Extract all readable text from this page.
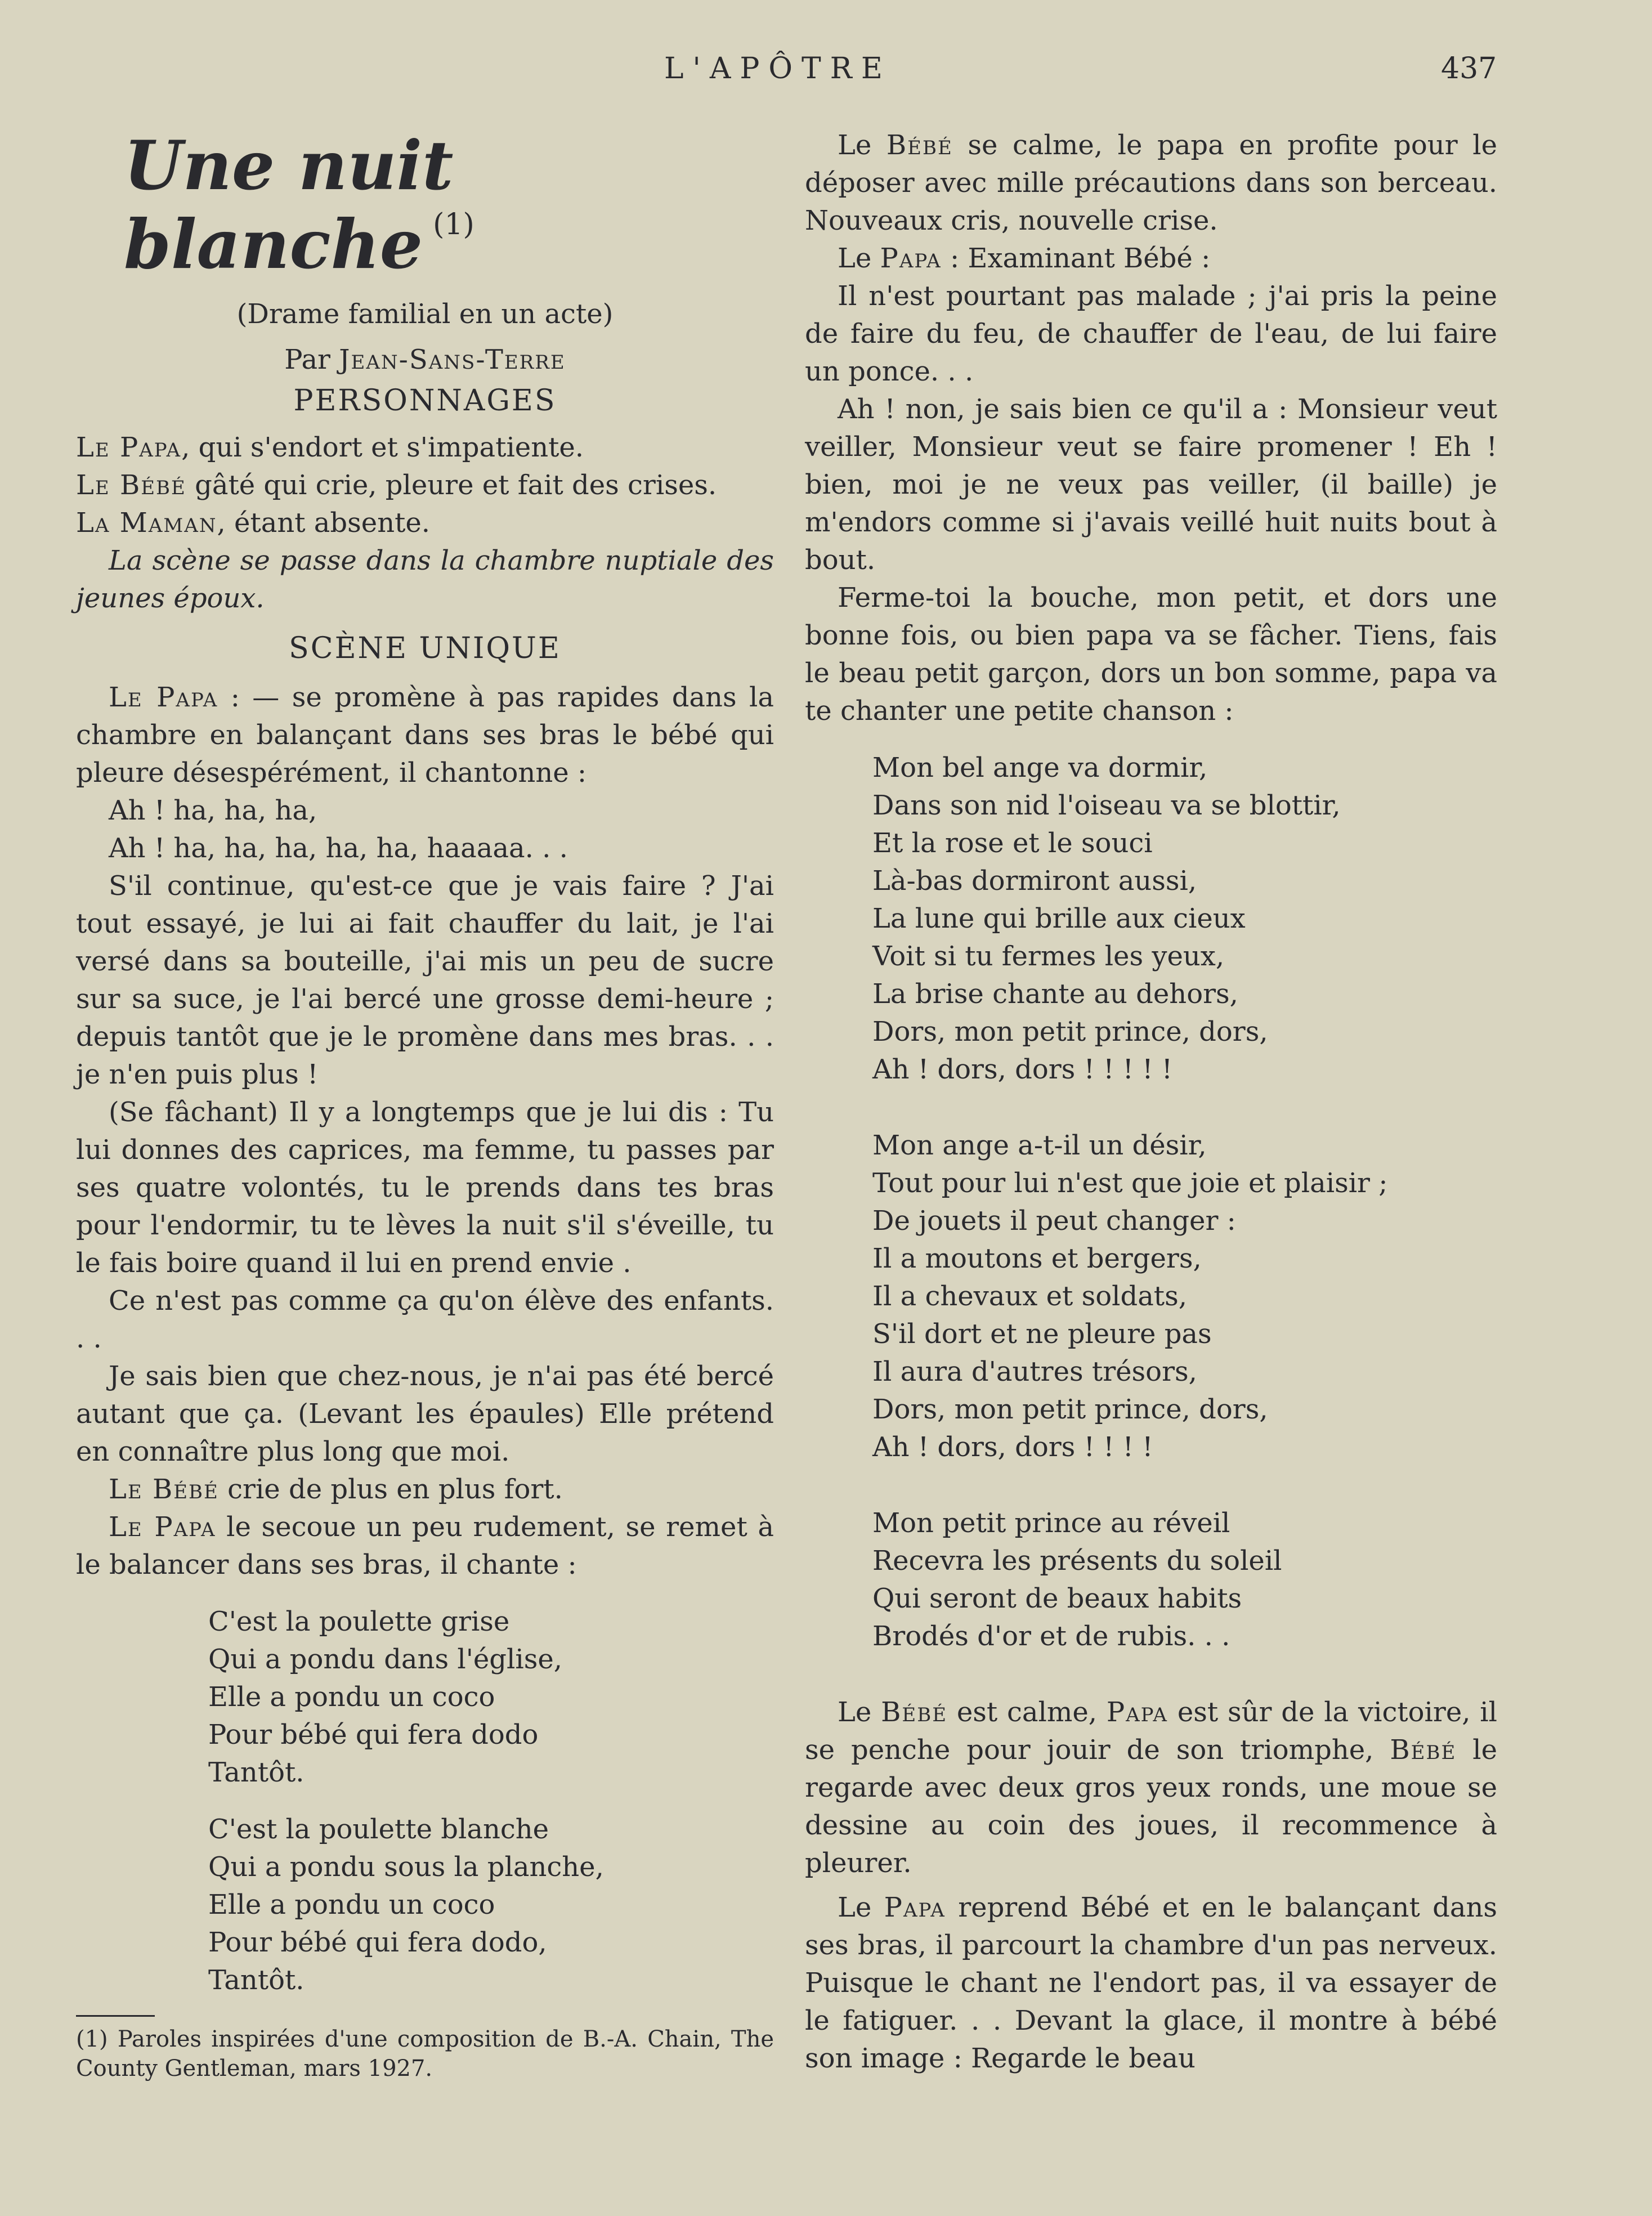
L'APÔTRE	437
Une nuit blanche (1)

(Drame familial en un acte)

Par Jean-Sans-Terre

PERSONNAGES

Le Papa, qui s'endort et s'impatiente.

Le Bébé gâté qui crie, pleure et fait des crises.

La Maman, étant absente.

La scène se passe dans la chambre nuptiale des jeunes époux.

SCÈNE UNIQUE

Le Papa : — se promène à pas rapides dans la chambre en balançant dans ses bras le bébé qui pleure désespérément, il chantonne :

Ah ! ha, ha, ha,

Ah ! ha, ha, ha, ha, ha, haaaaa. . .

S'il continue, qu'est-ce que je vais faire ? J'ai tout essayé, je lui ai fait chauffer du lait, je l'ai versé dans sa bouteille, j'ai mis un peu de sucre sur sa suce, je l'ai bercé une grosse demi-heure ; depuis tantôt que je le promène dans mes bras. . . je n'en puis plus !

(Se fâchant) Il y a longtemps que je lui dis : Tu lui donnes des caprices, ma femme, tu passes par ses quatre volontés, tu le prends dans tes bras pour l'endormir, tu te lèves la nuit s'il s'éveille, tu le fais boire quand il lui en prend envie .

Ce n'est pas comme ça qu'on élève des enfants. . .

Je sais bien que chez-nous, je n'ai pas été bercé autant que ça. (Levant les épaules) Elle prétend en connaître plus long que moi.

Le Bébé crie de plus en plus fort.

Le Papa le secoue un peu rudement, se remet à le balancer dans ses bras, il chante :

C'est la poulette grise
Qui a pondu dans l'église,
Elle a pondu un coco
Pour bébé qui fera dodo
Tantôt.
C'est la poulette blanche
Qui a pondu sous la planche,
Elle a pondu un coco
Pour bébé qui fera dodo,
Tantôt.

(1) Paroles inspirées d'une composition de B.-A. Chain, The County Gentleman, mars 1927.

Le Bébé se calme, le papa en profite pour le déposer avec mille précautions dans son berceau. Nouveaux cris, nouvelle crise.

Le Papa : Examinant Bébé :

Il n'est pourtant pas malade ; j'ai pris la peine de faire du feu, de chauffer de l'eau, de lui faire un ponce. . .

Ah ! non, je sais bien ce qu'il a : Monsieur veut veiller, Monsieur veut se faire promener ! Eh ! bien, moi je ne veux pas veiller, (il baille) je m'endors comme si j'avais veillé huit nuits bout à bout.

Ferme-toi la bouche, mon petit, et dors une bonne fois, ou bien papa va se fâcher. Tiens, fais le beau petit garçon, dors un bon somme, papa va te chanter une petite chanson :

Mon bel ange va dormir,
Dans son nid l'oiseau va se blottir,
Et la rose et le souci
Là-bas dormiront aussi,
La lune qui brille aux cieux
Voit si tu fermes les yeux,
La brise chante au dehors,
Dors, mon petit prince, dors,
Ah ! dors, dors ! ! ! ! !
Mon ange a-t-il un désir,
Tout pour lui n'est que joie et plaisir ;
De jouets il peut changer :
Il a moutons et bergers,
Il a chevaux et soldats,
S'il dort et ne pleure pas
Il aura d'autres trésors,
Dors, mon petit prince, dors,
Ah ! dors, dors ! ! ! !
Mon petit prince au réveil
Recevra les présents du soleil
Qui seront de beaux habits
Brodés d'or et de rubis. . .

Le Bébé est calme, Papa est sûr de la victoire, il se penche pour jouir de son triomphe, Bébé le regarde avec deux gros yeux ronds, une moue se dessine au coin des joues, il recommence à pleurer.

Le Papa reprend Bébé et en le balançant dans ses bras, il parcourt la chambre d'un pas nerveux. Puisque le chant ne l'endort pas, il va essayer de le fatiguer. . . Devant la glace, il montre à bébé son image : Regarde le beau
